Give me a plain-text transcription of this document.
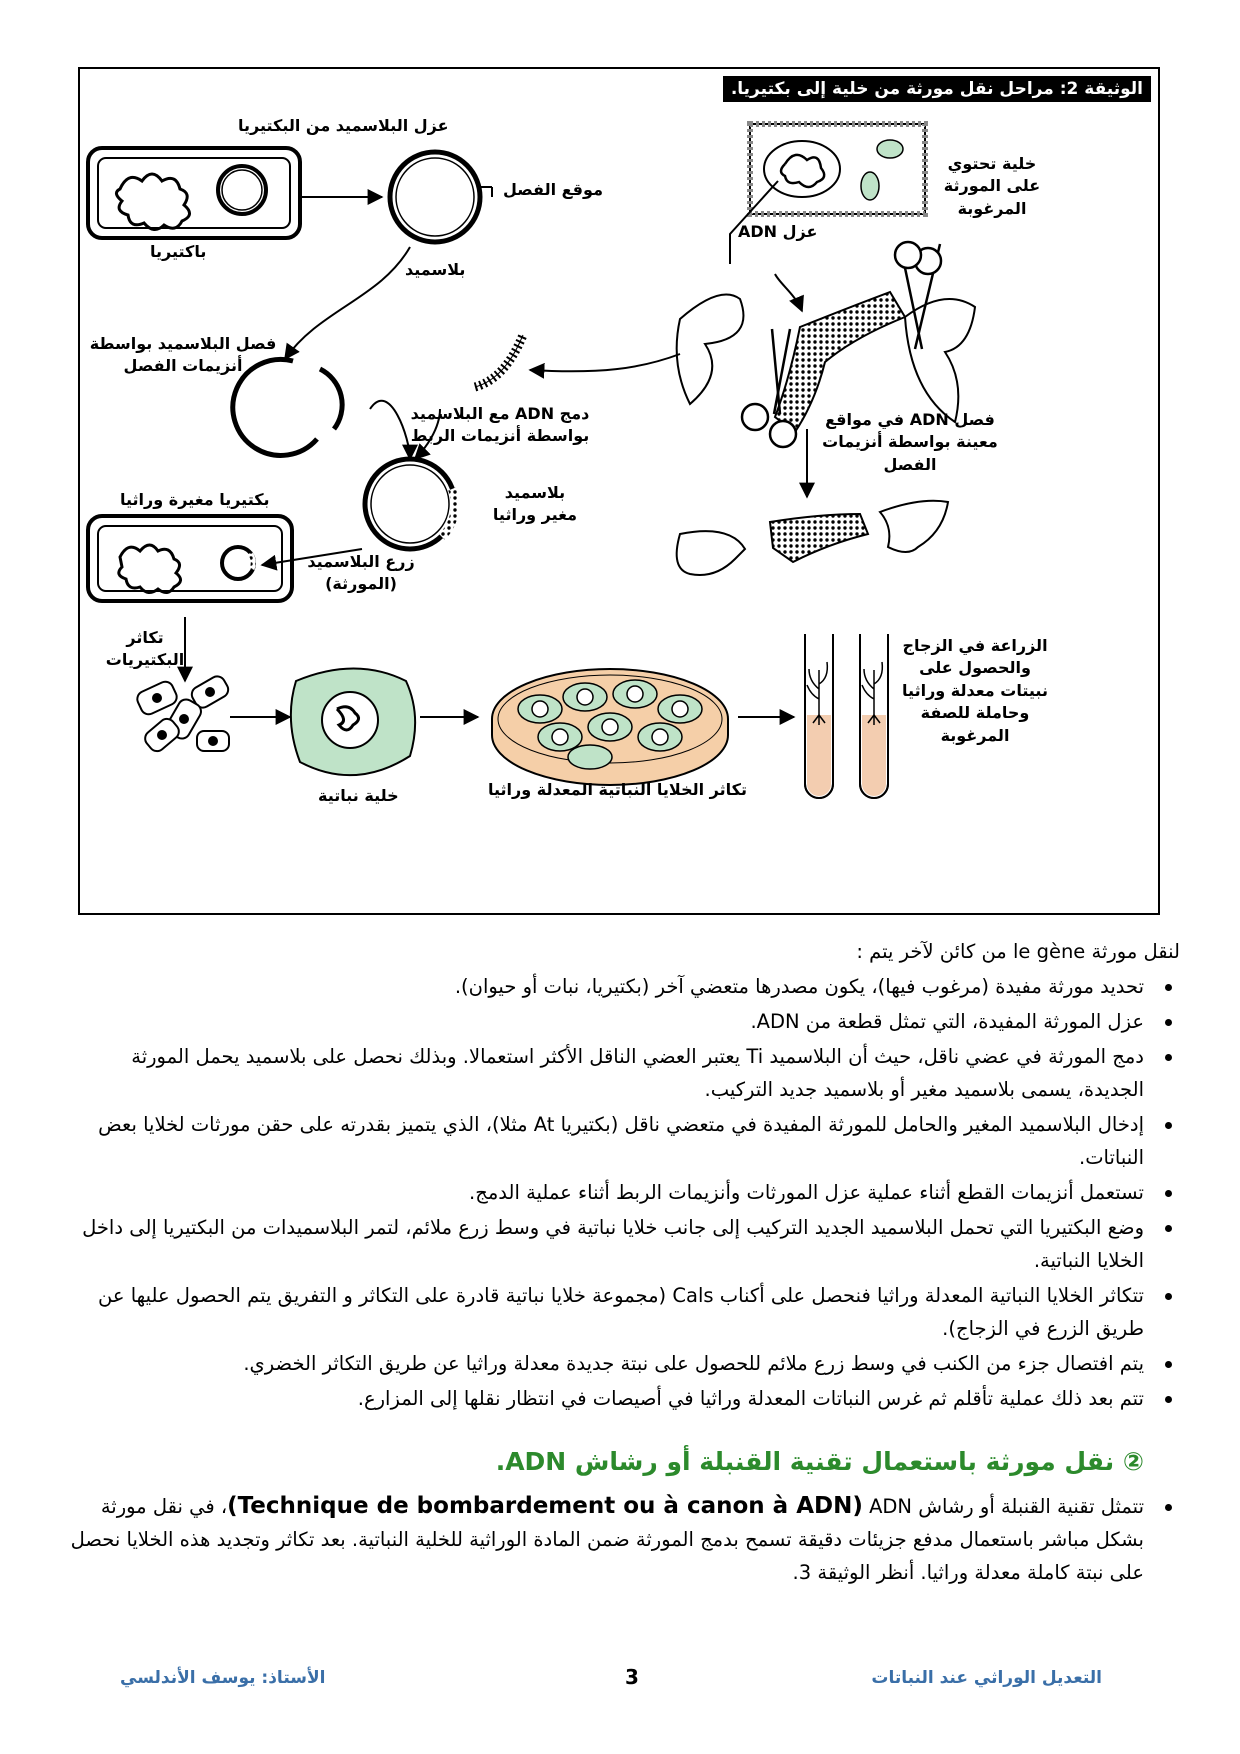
الوثيقة 2: مراحل نقل مورثة من خلية إلى بكتيريا.
عزل البلاسميد من البكتيريا
موقع الفصل
باكتيريا
بلاسميد
فصل البلاسميد بواسطة أنزيمات الفصل
دمج ADN مع البلاسميد بواسطة أنزيمات الربط
بكتيريا مغيرة وراثيا	بلاسميد مغير وراثيا
زرع البلاسميد (المورثة)
تكاثر البكتيريات
خلية نباتية	تكاثر الخلايا النباتية المعدلة وراثيا
الزراعة في الزجاج والحصول على نبيتات معدلة وراثيا وحاملة للصفة المرغوبة
خلية تحتوي على المورثة المرغوبة
عزل ADN
فصل ADN في مواقع معينة بواسطة أنزيمات الفصل

لنقل مورثة le gène من كائن لآخر يتم :

تحديد مورثة مفيدة (مرغوب فيها)، يكون مصدرها متعضي آخر (بكتيريا، نبات أو حيوان).
عزل المورثة المفيدة، التي تمثل قطعة من ADN.
دمج المورثة في عضي ناقل، حيث أن البلاسميد Ti يعتبر العضي الناقل الأكثر استعمالا. وبذلك نحصل على بلاسميد يحمل المورثة الجديدة، يسمى بلاسميد مغير أو بلاسميد جديد التركيب.
إدخال البلاسميد المغير والحامل للمورثة المفيدة في متعضي ناقل (بكتيريا At مثلا)، الذي يتميز بقدرته على حقن مورثات لخلايا بعض النباتات.
تستعمل أنزيمات القطع أثناء عملية عزل المورثات وأنزيمات الربط أثناء عملية الدمج.
وضع البكتيريا التي تحمل البلاسميد الجديد التركيب إلى جانب خلايا نباتية في وسط زرع ملائم، لتمر البلاسميدات من البكتيريا إلى داخل الخلايا النباتية.
تتكاثر الخلايا النباتية المعدلة وراثيا فنحصل على أكناب Cals (مجموعة خلايا نباتية قادرة على التكاثر و التفريق يتم الحصول عليها عن طريق الزرع في الزجاج).
يتم افتصال جزء من الكنب في وسط زرع ملائم للحصول على نبتة جديدة معدلة وراثيا عن طريق التكاثر الخضري.
تتم بعد ذلك عملية تأقلم ثم غرس النباتات المعدلة وراثيا في أصيصات في انتظار نقلها إلى المزارع.
② نقل مورثة باستعمال تقنية القنبلة أو رشاش ADN.
تتمثل تقنية القنبلة أو رشاش ADN (Technique de bombardement ou à canon à ADN)، في نقل مورثة بشكل مباشر باستعمال مدفع جزيئات دقيقة تسمح بدمج المورثة ضمن المادة الوراثية للخلية النباتية. بعد تكاثر وتجديد هذه الخلايا نحصل على نبتة كاملة معدلة وراثيا. أنظر الوثيقة 3.
التعديل الوراثي عند النباتات
3
الأستاذ: يوسف الأندلسي
